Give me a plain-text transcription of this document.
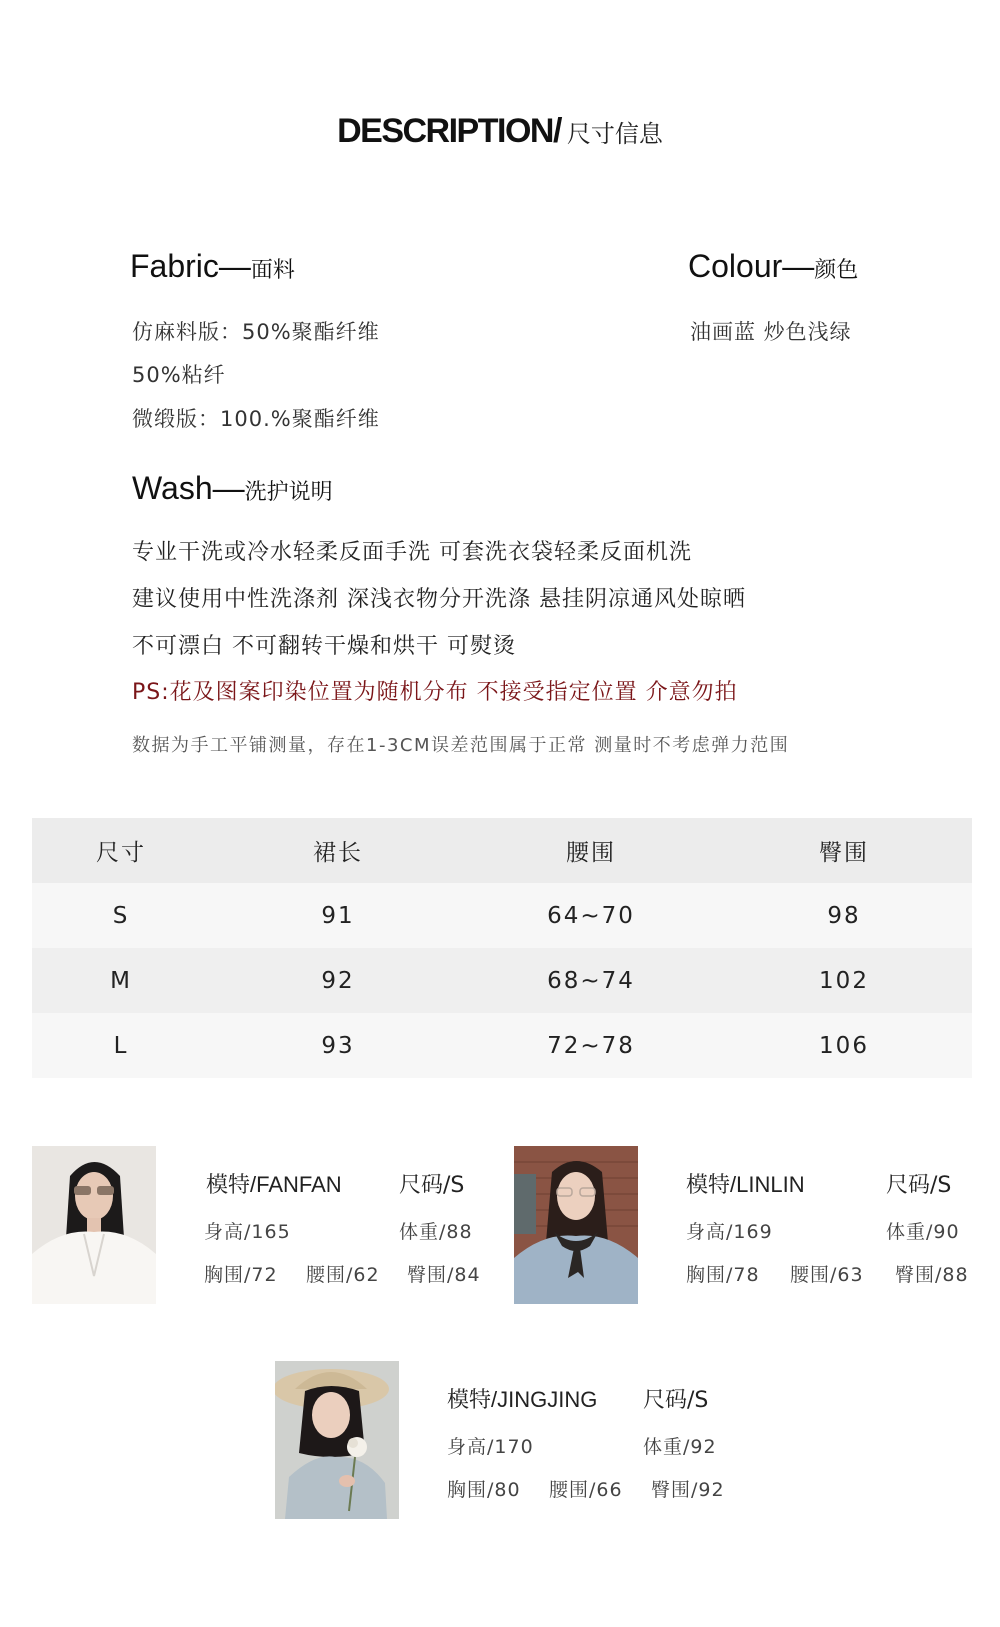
DESCRIPTION/ 尺寸信息
Fabric—面料
仿麻料版：50%聚酯纤维
50%粘纤
微缎版：100.%聚酯纤维
Colour—颜色
油画蓝 炒色浅绿
Wash—洗护说明
专业干洗或冷水轻柔反面手洗 可套洗衣袋轻柔反面机洗
建议使用中性洗涤剂 深浅衣物分开洗涤 悬挂阴凉通风处晾晒
不可漂白 不可翻转干燥和烘干 可熨烫
PS:花及图案印染位置为随机分布 不接受指定位置 介意勿拍
数据为手工平铺测量，存在1-3CM误差范围属于正常 测量时不考虑弹力范围
尺寸	裙长	腰围	臀围
S	91	64~70	98
M	92	68~74	102
L	93	72~78	106
模特/FANFAN	尺码/S
身高/165	体重/88
胸围/72 腰围/62 臀围/84
模特/LINLIN	尺码/S
身高/169	体重/90
胸围/78 腰围/63 臀围/88
模特/JINGJING 尺码/S
身高/170	体重/92
胸围/80 腰围/66 臀围/92
